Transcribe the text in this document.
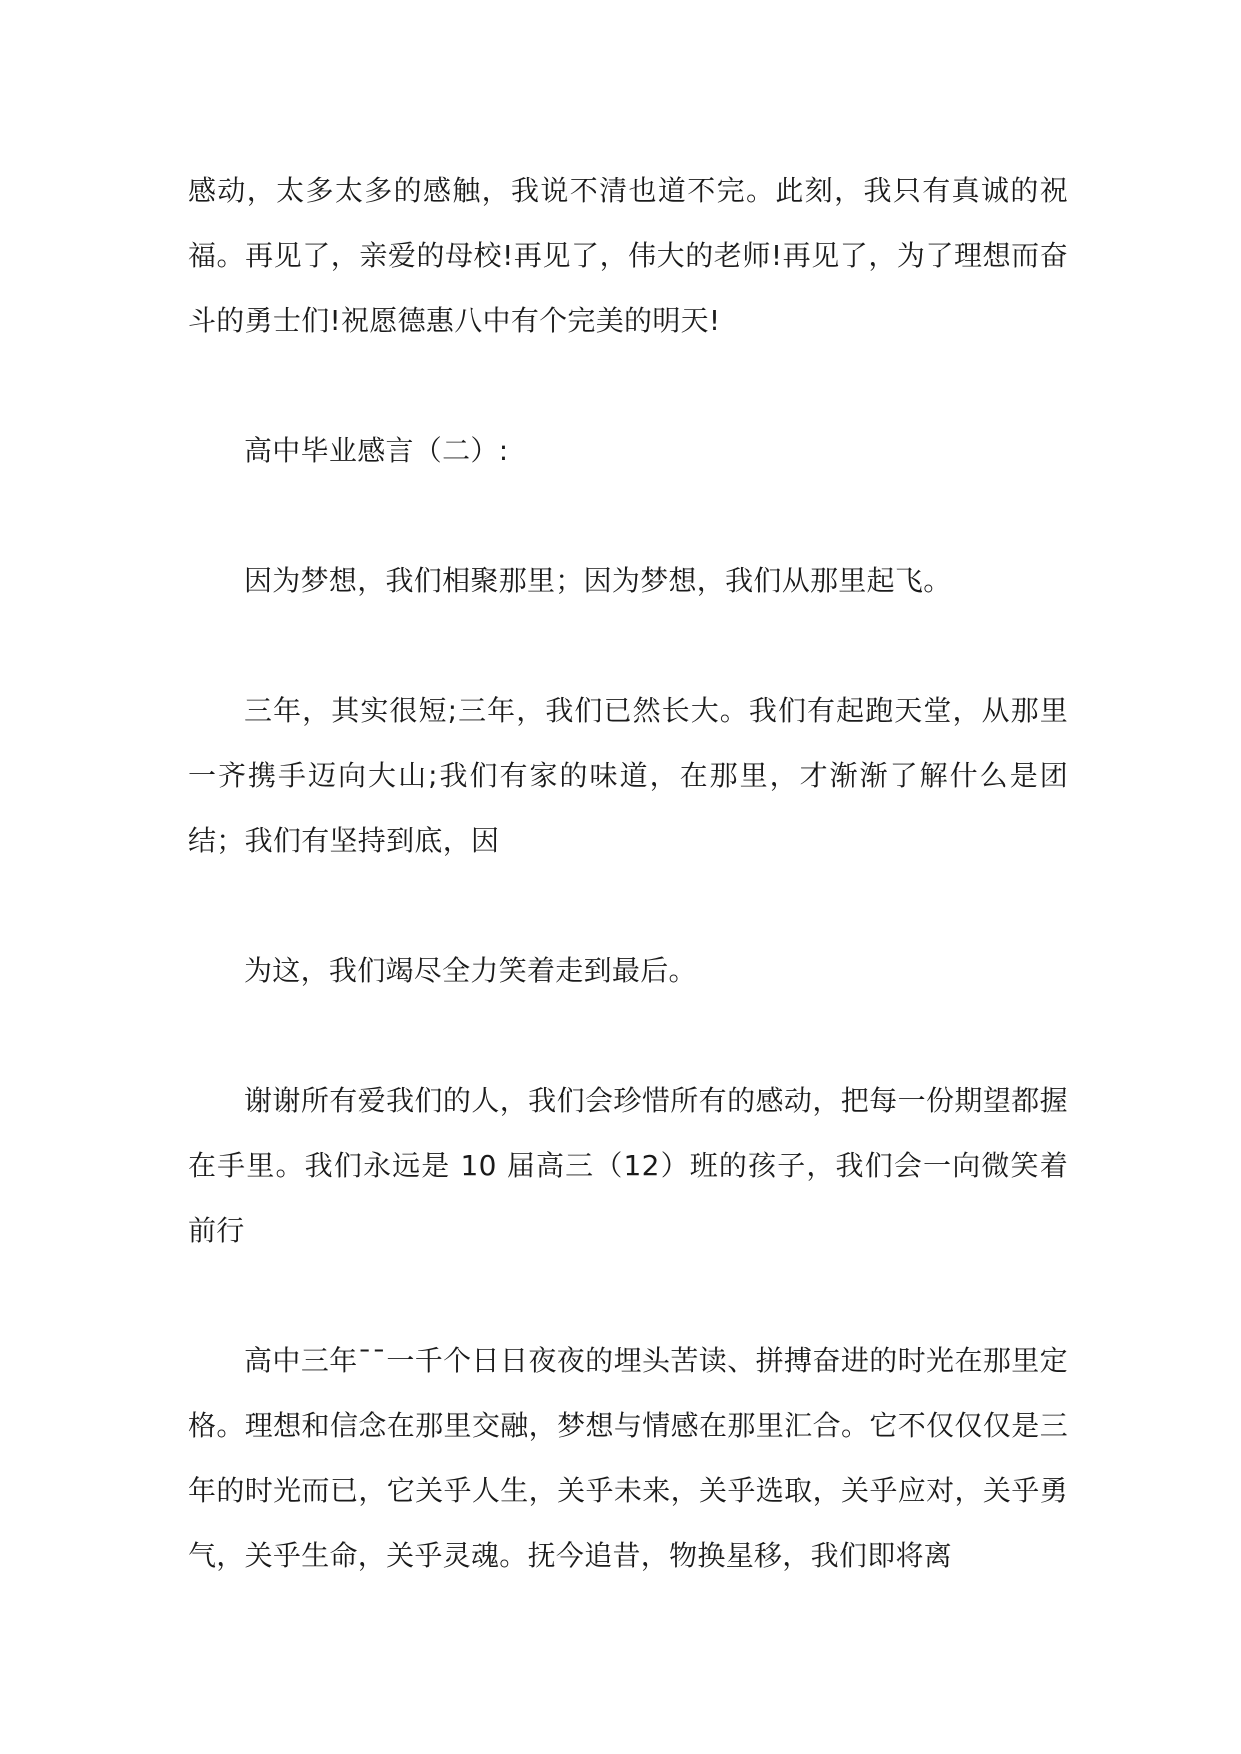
感动，太多太多的感触，我说不清也道不完。此刻，我只有真诚的祝福。再见了，亲爱的母校!再见了，伟大的老师!再见了，为了理想而奋斗的勇士们!祝愿德惠八中有个完美的明天!

高中毕业感言（二）:

因为梦想，我们相聚那里；因为梦想，我们从那里起飞。

三年，其实很短;三年，我们已然长大。我们有起跑天堂，从那里一齐携手迈向大山;我们有家的味道，在那里，才渐渐了解什么是团结；我们有坚持到底，因

为这，我们竭尽全力笑着走到最后。

谢谢所有爱我们的人，我们会珍惜所有的感动，把每一份期望都握在手里。我们永远是 10 届高三（12）班的孩子，我们会一向微笑着前行

高中三年¯¯一千个日日夜夜的埋头苦读、拼搏奋进的时光在那里定格。理想和信念在那里交融，梦想与情感在那里汇合。它不仅仅仅是三年的时光而已，它关乎人生，关乎未来，关乎选取，关乎应对，关乎勇气，关乎生命，关乎灵魂。抚今追昔，物换星移，我们即将离
